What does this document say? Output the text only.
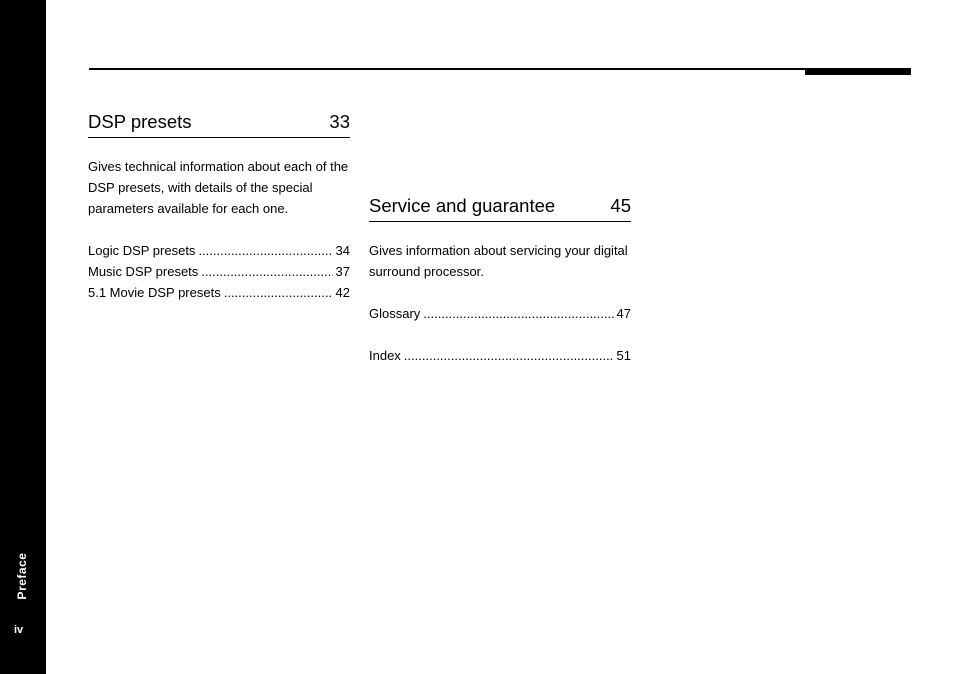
Preface
iv
DSP presets	33
Gives technical information about each of the DSP presets, with details of the special parameters available for each one.
Logic DSP presets .....	34
Music DSP presets .....	37
5.1 Movie DSP presets .....	42
Service and guarantee	45
Gives information about servicing your digital surround processor.
Glossary .....	47
Index .....	51
